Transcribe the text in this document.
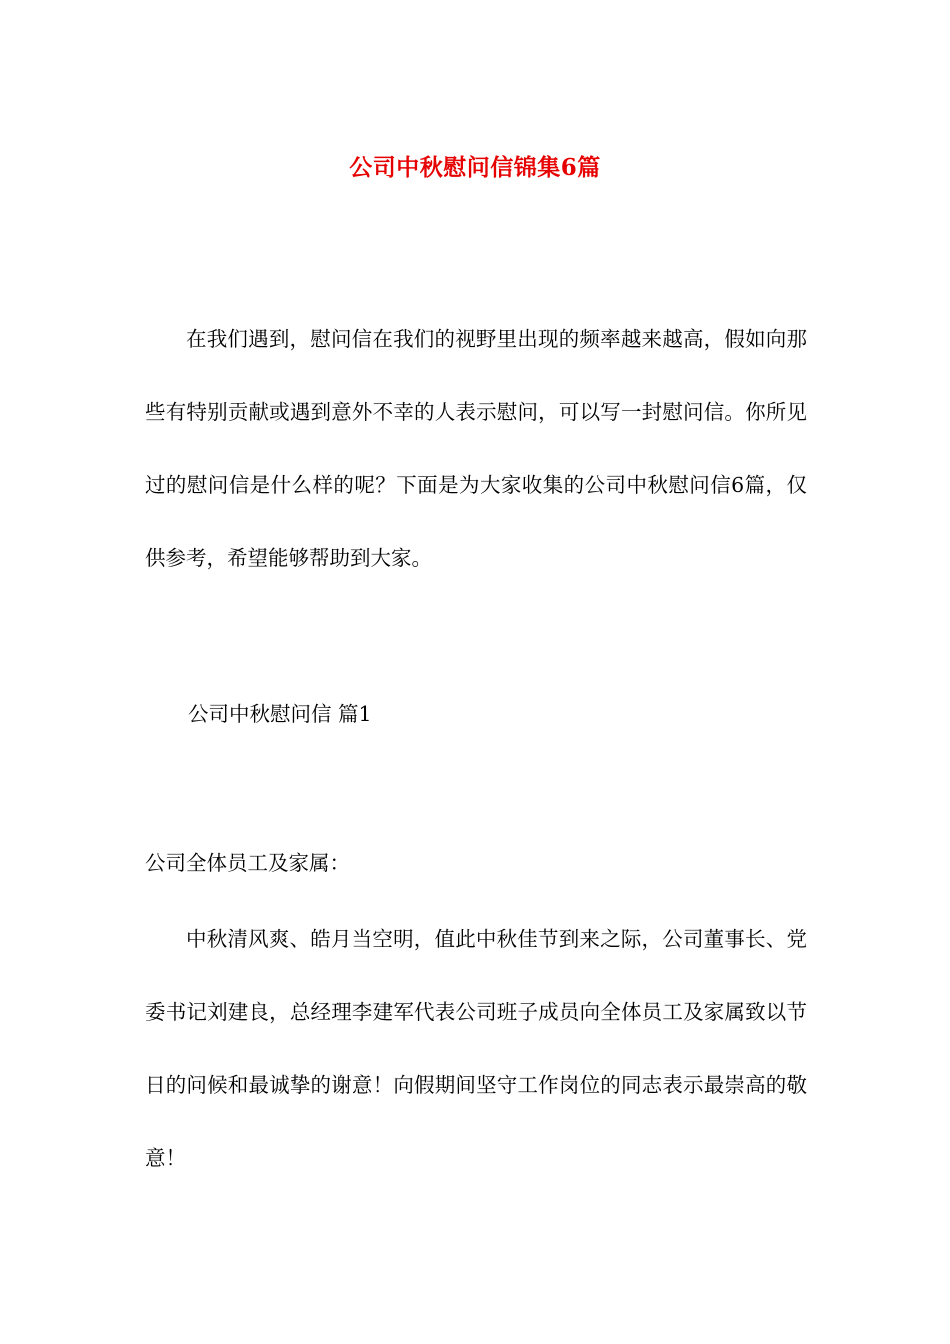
公司中秋慰问信锦集6篇

在我们遇到，慰问信在我们的视野里出现的频率越来越高，假如向那些有特别贡献或遇到意外不幸的人表示慰问，可以写一封慰问信。你所见过的慰问信是什么样的呢？下面是为大家收集的公司中秋慰问信6篇，仅供参考，希望能够帮助到大家。

公司中秋慰问信 篇1

公司全体员工及家属：

中秋清风爽、皓月当空明，值此中秋佳节到来之际，公司董事长、党委书记刘建良，总经理李建军代表公司班子成员向全体员工及家属致以节日的问候和最诚挚的谢意！向假期间坚守工作岗位的同志表示最崇高的敬意！
